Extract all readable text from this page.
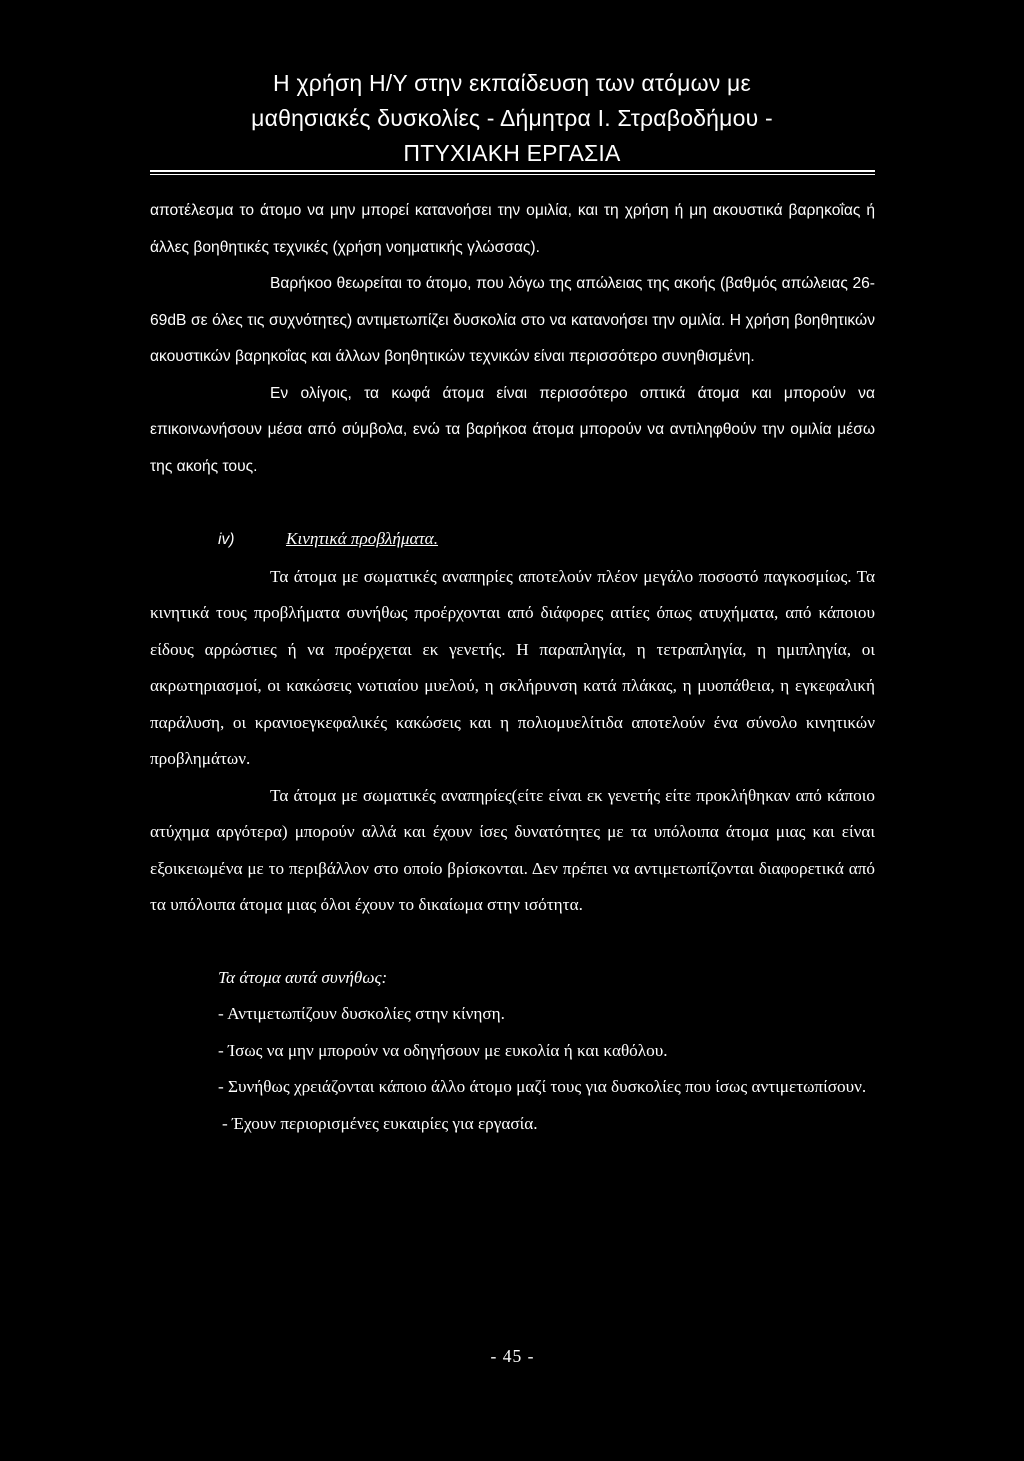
Η χρήση Η/Υ στην εκπαίδευση των ατόμων με
μαθησιακές δυσκολίες - Δήμητρα Ι. Στραβοδήμου -
ΠΤΥΧΙΑΚΗ ΕΡΓΑΣΙΑ

αποτέλεσμα το άτομο να μην μπορεί κατανοήσει την ομιλία, και τη χρήση ή μη ακουστικά βαρηκοΐας ή άλλες βοηθητικές τεχνικές (χρήση νοηματικής γλώσσας).

Βαρήκοο θεωρείται το άτομο, που λόγω της απώλειας της ακοής (βαθμός απώλειας 26-69dB σε όλες τις συχνότητες) αντιμετωπίζει δυσκολία στο να κατανοήσει την ομιλία. Η χρήση βοηθητικών ακουστικών βαρηκοΐας και άλλων βοηθητικών τεχνικών είναι περισσότερο συνηθισμένη.

Εν ολίγοις, τα κωφά άτομα είναι περισσότερο οπτικά άτομα και μπορούν να επικοινωνήσουν μέσα από σύμβολα, ενώ τα βαρήκοα άτομα μπορούν να αντιληφθούν την ομιλία μέσω της ακοής τους.

iv)	Κινητικά προβλήματα.

Τα άτομα με σωματικές αναπηρίες αποτελούν πλέον μεγάλο ποσοστό παγκοσμίως. Τα κινητικά τους προβλήματα συνήθως προέρχονται από διάφορες αιτίες όπως ατυχήματα, από κάποιου είδους αρρώστιες ή να προέρχεται εκ γενετής. Η παραπληγία, η τετραπληγία, η ημιπληγία, οι ακρωτηριασμοί, οι κακώσεις νωτιαίου μυελού, η σκλήρυνση κατά πλάκας, η μυοπάθεια, η εγκεφαλική παράλυση, οι κρανιοεγκεφαλικές κακώσεις και η πολιομυελίτιδα αποτελούν ένα σύνολο κινητικών προβλημάτων.

Τα άτομα με σωματικές αναπηρίες(είτε είναι εκ γενετής είτε προκλήθηκαν από κάποιο ατύχημα αργότερα) μπορούν αλλά και έχουν ίσες δυνατότητες με τα υπόλοιπα άτομα μιας και είναι εξοικειωμένα με το περιβάλλον στο οποίο βρίσκονται. Δεν πρέπει να αντιμετωπίζονται διαφορετικά από τα υπόλοιπα άτομα μιας όλοι έχουν το δικαίωμα στην ισότητα.

Τα άτομα αυτά συνήθως:

- Αντιμετωπίζουν δυσκολίες στην κίνηση.

- Ίσως να μην μπορούν να οδηγήσουν με ευκολία ή και καθόλου.

- Συνήθως χρειάζονται κάποιο άλλο άτομο μαζί τους για δυσκολίες που ίσως αντιμετωπίσουν.

- Έχουν περιορισμένες ευκαιρίες για εργασία.

- 45 -
